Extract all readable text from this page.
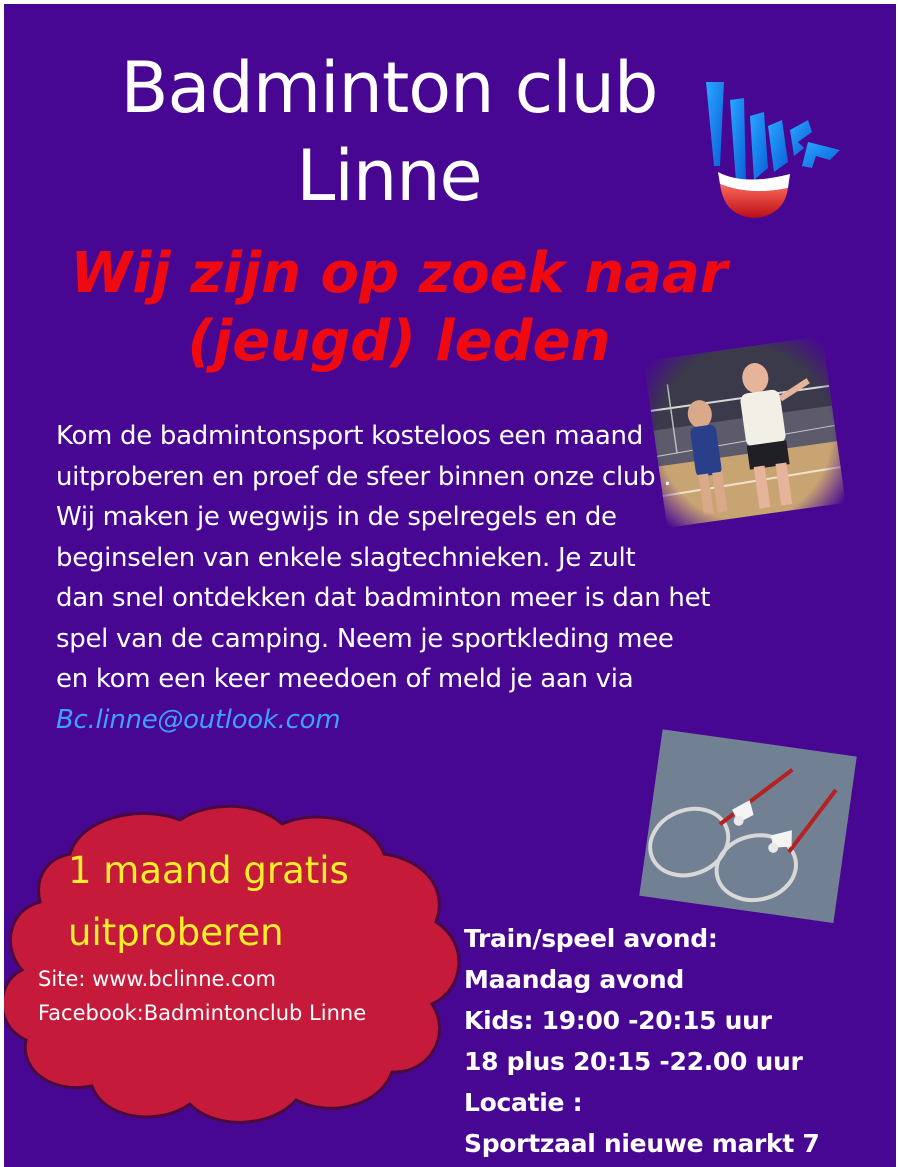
Badminton club
Linne
Wij zijn op zoek naar
(jeugd) leden
Kom de badmintonsport kosteloos een maand
uitproberen en proef de sfeer binnen onze club .
Wij maken je wegwijs in de spelregels en de
beginselen van enkele slagtechnieken. Je zult
dan snel ontdekken dat badminton meer is dan het
spel van de camping. Neem je sportkleding mee
en kom een keer meedoen of meld je aan via
Bc.linne@outlook.com
1 maand gratis
uitproberen
Site: www.bclinne.com
Facebook:Badmintonclub Linne
Train/speel avond:
Maandag avond
Kids: 19:00 -20:15 uur
18 plus 20:15 -22.00 uur
Locatie :
Sportzaal nieuwe markt 7
